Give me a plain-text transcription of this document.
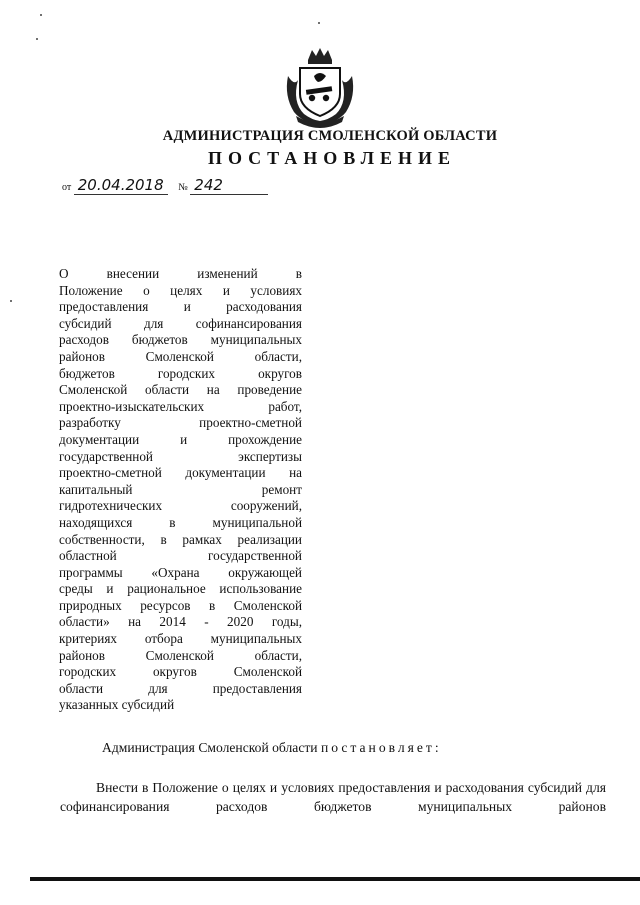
АДМИНИСТРАЦИЯ СМОЛЕНСКОЙ ОБЛАСТИ
ПОСТАНОВЛЕНИЕ
от 20.04.2018 № 242
О внесении изменений в
Положение о целях и условиях
предоставления и расходования
субсидий для софинансирования
расходов бюджетов муниципальных
районов Смоленской области,
бюджетов городских округов
Смоленской области на проведение
проектно-изыскательских работ,
разработку проектно-сметной
документации и прохождение
государственной экспертизы
проектно-сметной документации на
капитальный ремонт
гидротехнических сооружений,
находящихся в муниципальной
собственности, в рамках реализации
областной государственной
программы «Охрана окружающей
среды и рациональное использование
природных ресурсов в Смоленской
области» на 2014 - 2020 годы,
критериях отбора муниципальных
районов Смоленской области,
городских округов Смоленской
области для предоставления
указанных субсидий
Администрация Смоленской области постановляет:
Внести в Положение о целях и условиях предоставления и расходования субсидий для софинансирования расходов бюджетов муниципальных районов
